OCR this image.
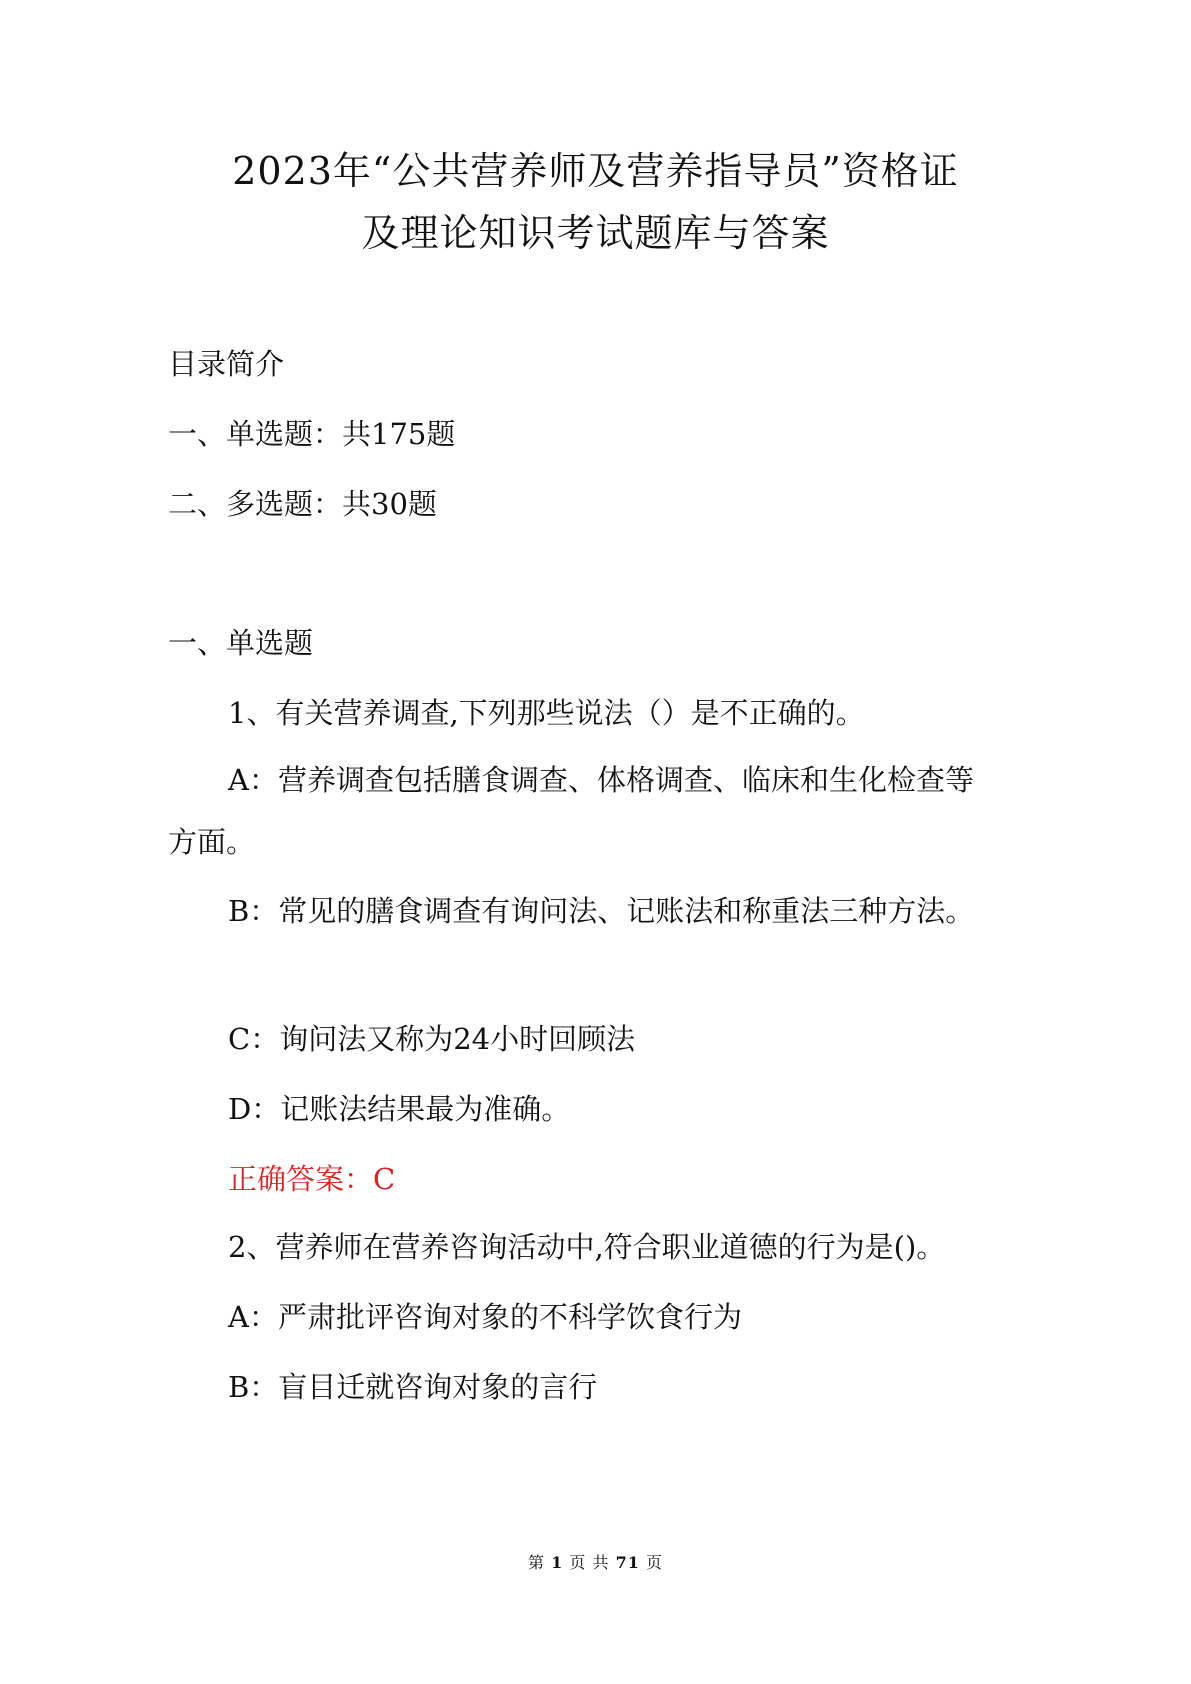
2023年“公共营养师及营养指导员”资格证
及理论知识考试题库与答案
目录简介
一、单选题：共175题
二、多选题：共30题
一、单选题
1、有关营养调查,下列那些说法（）是不正确的。
A：营养调查包括膳食调查、体格调查、临床和生化检查等方面。
B：常见的膳食调查有询问法、记账法和称重法三种方法。
C：询问法又称为24小时回顾法
D：记账法结果最为准确。
正确答案：C
2、营养师在营养咨询活动中,符合职业道德的行为是()。
A：严肃批评咨询对象的不科学饮食行为
B：盲目迁就咨询对象的言行
第 1 页 共 71 页
